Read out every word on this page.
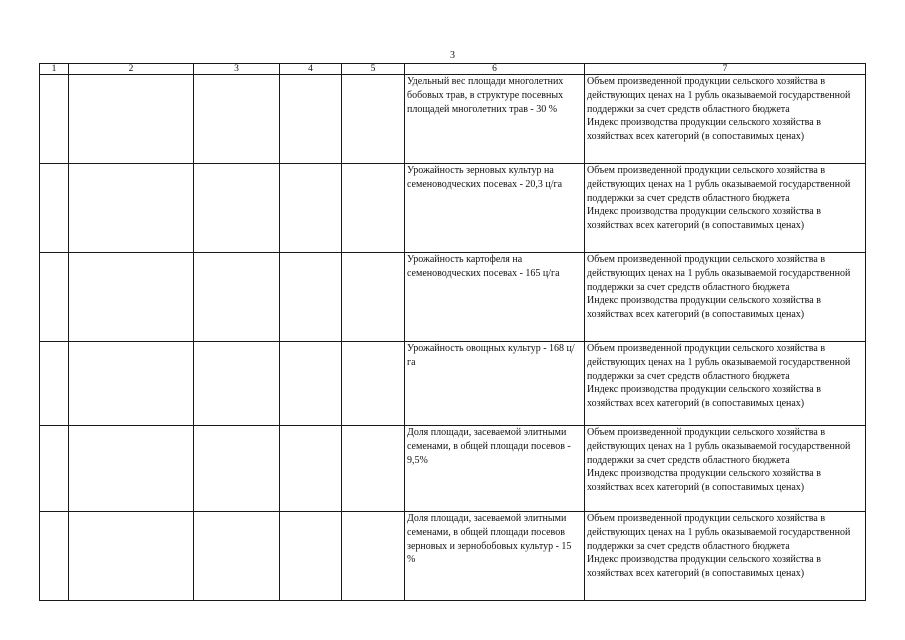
3
1	2	3	4	5	6	7
					Удельный вес площади многолетних бобовых трав, в структуре посевных площадей многолетних трав - 30 %	Объем произведенной продукции сельского хозяйства в действующих ценах на 1 рубль оказываемой государственной поддержки за счет средств областного бюджета
Индекс производства продукции сельского хозяйства в хозяйствах всех категорий (в сопоставимых ценах)

					Урожайность зерновых культур на семеноводческих посевах - 20,3 ц/га	Объем произведенной продукции сельского хозяйства в действующих ценах на 1 рубль оказываемой государственной поддержки за счет средств областного бюджета
Индекс производства продукции сельского хозяйства в хозяйствах всех категорий (в сопоставимых ценах)

					Урожайность картофеля на семеноводческих посевах - 165 ц/га	Объем произведенной продукции сельского хозяйства в действующих ценах на 1 рубль оказываемой государственной поддержки за счет средств областного бюджета
Индекс производства продукции сельского хозяйства в хозяйствах всех категорий (в сопоставимых ценах)

					Урожайность овощных культур - 168 ц/га	Объем произведенной продукции сельского хозяйства в действующих ценах на 1 рубль оказываемой государственной поддержки за счет средств областного бюджета
Индекс производства продукции сельского хозяйства в хозяйствах всех категорий (в сопоставимых ценах)

					Доля площади, засеваемой элитными семенами, в общей площади посевов - 9,5%	Объем произведенной продукции сельского хозяйства в действующих ценах на 1 рубль оказываемой государственной поддержки за счет средств областного бюджета
Индекс производства продукции сельского хозяйства в хозяйствах всех категорий (в сопоставимых ценах)

					Доля площади, засеваемой элитными семенами, в общей площади посевов зерновых и зернобобовых культур - 15 %	Объем произведенной продукции сельского хозяйства в действующих ценах на 1 рубль оказываемой государственной поддержки за счет средств областного бюджета
Индекс производства продукции сельского хозяйства в хозяйствах всех категорий (в сопоставимых ценах)
